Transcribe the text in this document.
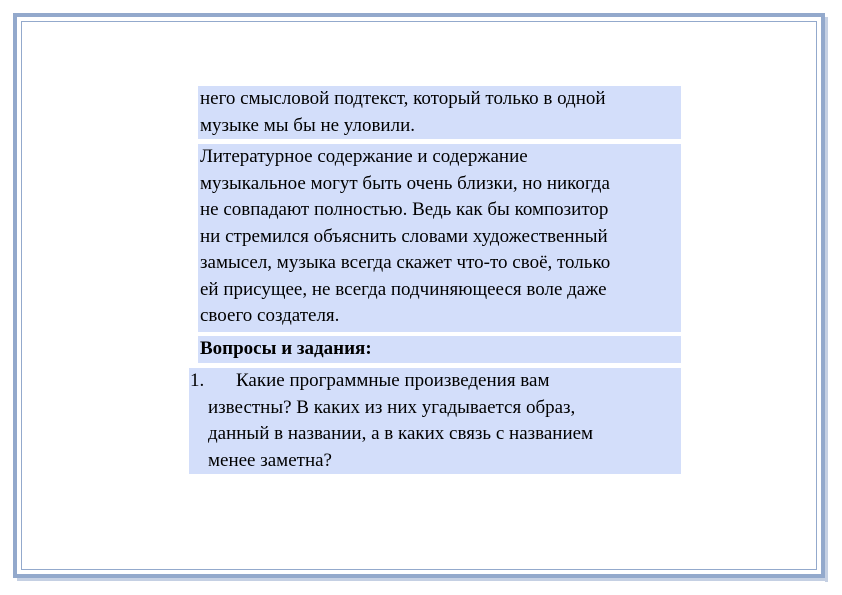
него смысловой подтекст, который только в одной
музыке мы бы не уловили.
Литературное содержание и содержание
музыкальное могут быть очень близки, но никогда
не совпадают полностью. Ведь как бы композитор
ни стремился объяснить словами художественный
замысел, музыка всегда скажет что-то своё, только
ей присущее, не всегда подчиняющееся воле даже
своего создателя.
Вопросы и задания:
1. Какие программные произведения вам
известны? В каких из них угадывается образ,
данный в названии, а в каких связь с названием
менее заметна?
